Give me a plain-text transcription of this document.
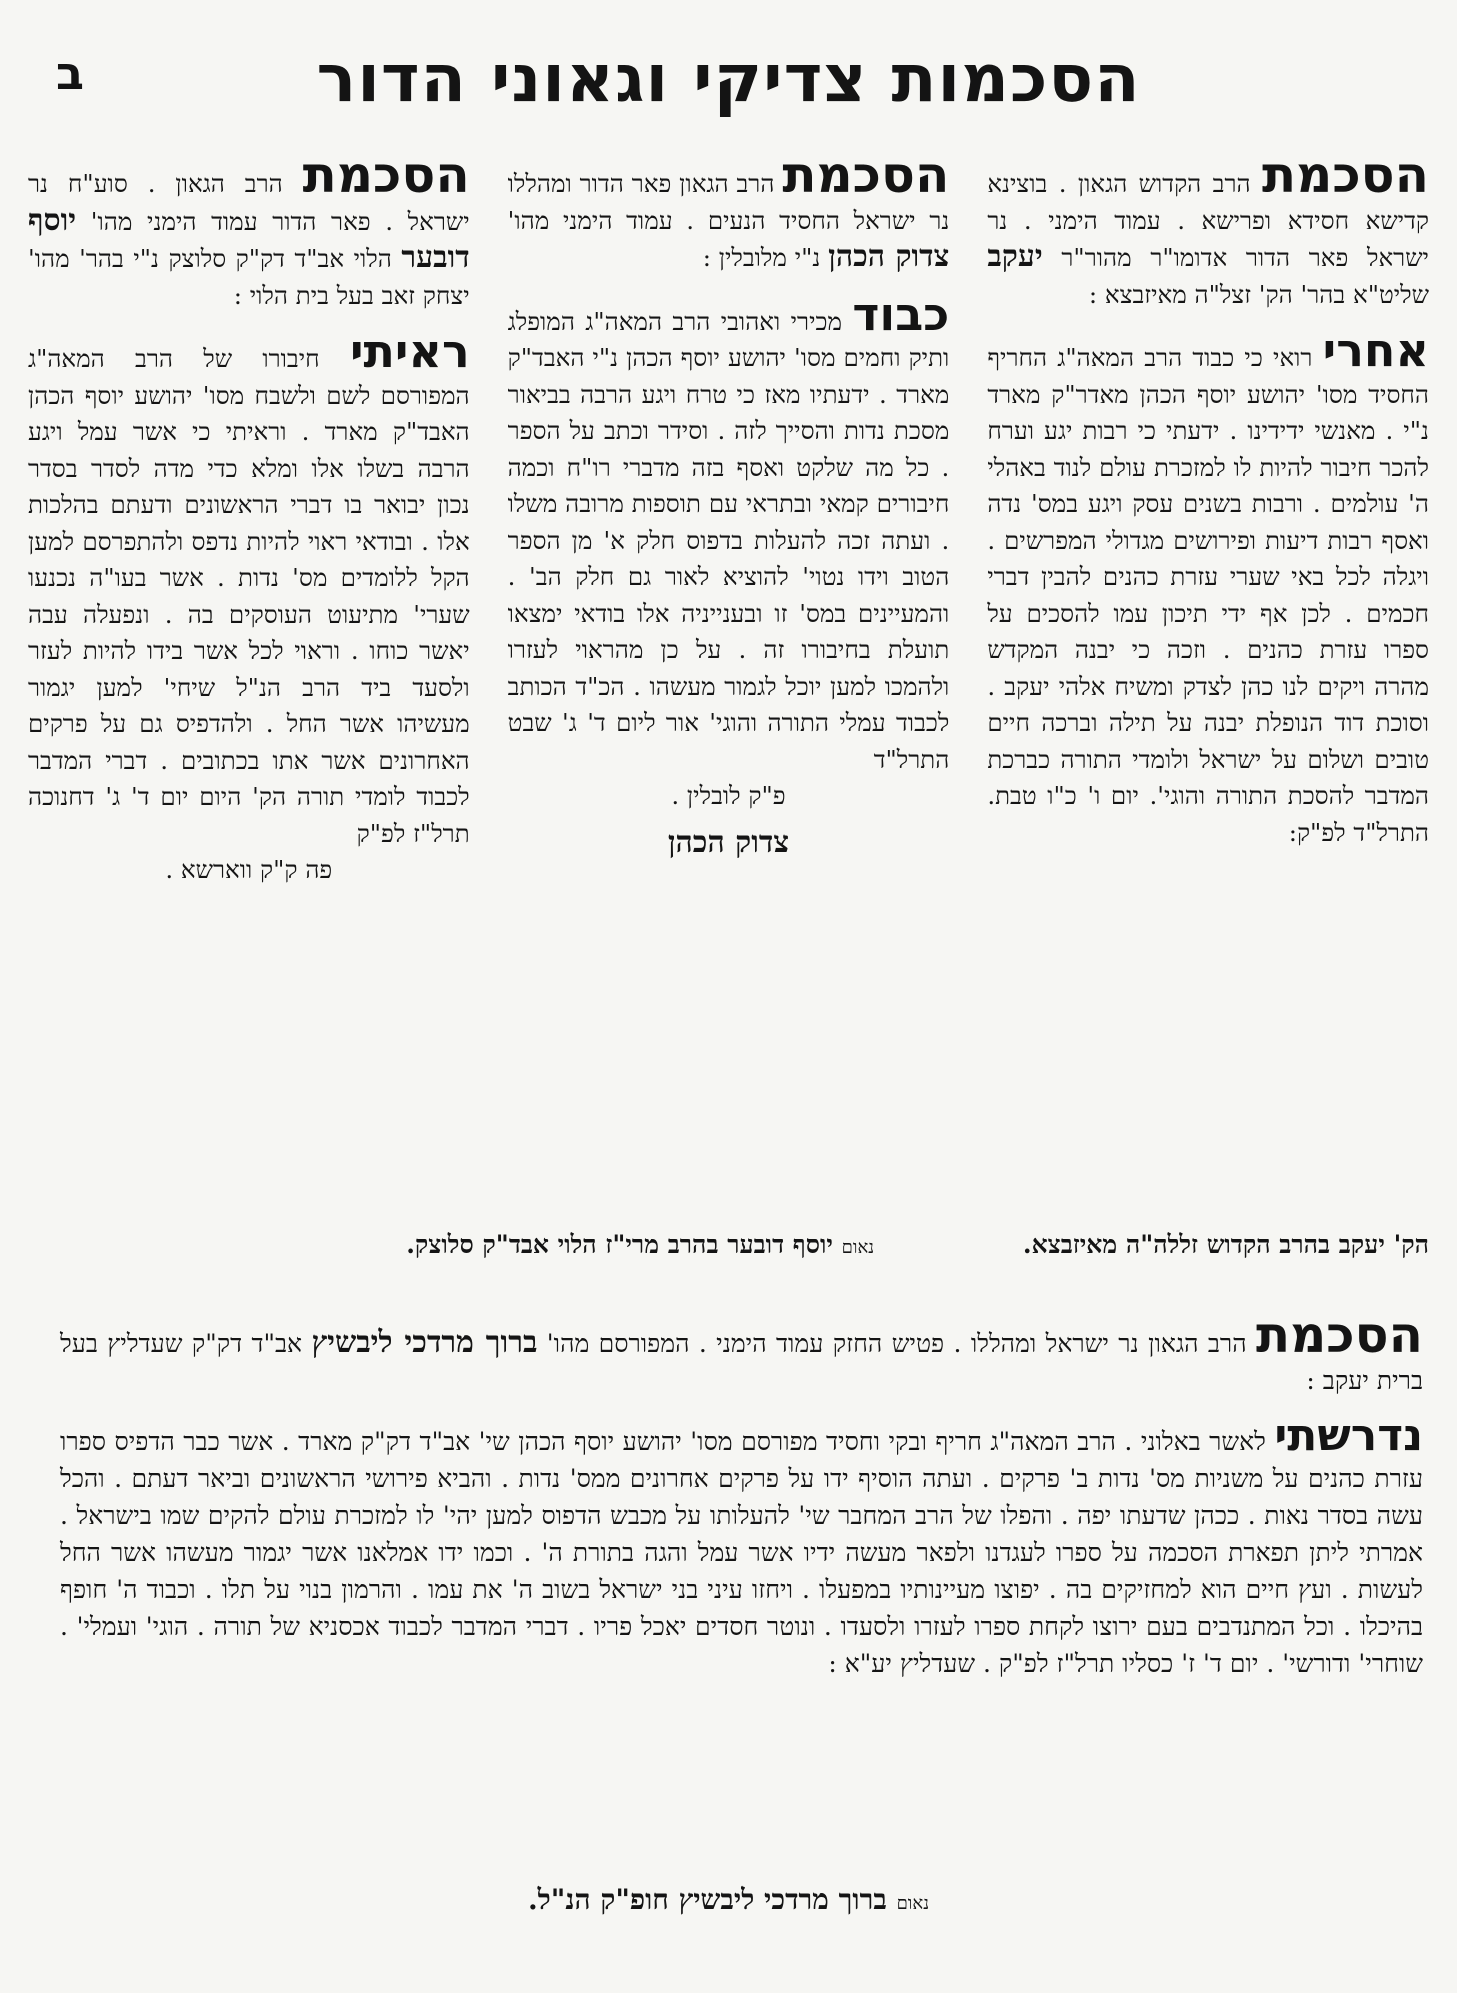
הסכמות צדיקי וגאוני הדור
ב
הסכמת הרב הקדוש הגאון . בוצינא קדישא חסידא ופרישא . עמוד הימני . נר ישראל פאר הדור אדומו"ר מהור"ר יעקב שליט"א בהר' הק' זצל"ה מאיזבצא :
אחרי רואי כי כבוד הרב המאה"ג החריף החסיד מסו' יהושע יוסף הכהן מאדר"ק מארד נ"י . מאנשי ידידינו . ידעתי כי רבות יגע וערח להכר חיבור להיות לו למזכרת עולם לנוד באהלי ה' עולמים . ורבות בשנים עסק ויגע במס' נדה ואסף רבות דיעות ופירושים מגדולי המפרשים . ויגלה לכל באי שערי עזרת כהנים להבין דברי חכמים . לכן אף ידי תיכון עמו להסכים על ספרו עזרת כהנים . וזכה כי יבנה המקדש מהרה ויקים לנו כהן לצדק ומשיח אלהי יעקב . וסוכת דוד הנופלת יבנה על תילה וברכה חיים טובים ושלום על ישראל ולומדי התורה כברכת המדבר להסכת התורה והוגי'. יום ו' כ"ו טבת. התרל"ד לפ"ק:
הסכמת הרב הגאון פאר הדור ומהללו נר ישראל החסיד הנעים . עמוד הימני מהו' צדוק הכהן נ"י מלובלין :
כבוד מכירי ואהובי הרב המאה"ג המופלג ותיק וחמים מסו' יהושע יוסף הכהן נ"י האבד"ק מארד . ידעתיו מאז כי טרח ויגע הרבה בביאור מסכת נדות והסייך לזה . וסידר וכתב על הספר . כל מה שלקט ואסף בזה מדברי רו"ח וכמה חיבורים קמאי ובתראי עם תוספות מרובה משלו . ועתה זכה להעלות בדפוס חלק א' מן הספר הטוב וידו נטוי' להוציא לאור גם חלק הב' . והמעיינים במס' זו ובענייניה אלו בודאי ימצאו תועלת בחיבורו זה . על כן מהראוי לעזרו ולהמכו למען יוכל לגמור מעשהו . הכ"ד הכותב לכבוד עמלי התורה והוגי' אור ליום ד' ג' שבט התרל"ד
פ"ק לובלין .
צדוק הכהן
הסכמת הרב הגאון . סוע"ח נר ישראל . פאר הדור עמוד הימני מהו' יוסף דובער הלוי אב"ד דק"ק סלוצק נ"י בהר' מהו' יצחק זאב בעל בית הלוי :
ראיתי חיבורו של הרב המאה"ג המפורסם לשם ולשבח מסו' יהושע יוסף הכהן האבד"ק מארד . וראיתי כי אשר עמל ויגע הרבה בשלו אלו ומלא כדי מדה לסדר בסדר נכון יבואר בו דברי הראשונים ודעתם בהלכות אלו . ובודאי ראוי להיות נדפס ולהתפרסם למען הקל ללומדים מס' נדות . אשר בעו"ה נכנעו שערי' מתיעוט העוסקים בה . ונפעלה עבה יאשר כוחו . וראוי לכל אשר בידו להיות לעזר ולסעד ביד הרב הנ"ל שיחי' למען יגמור מעשיהו אשר החל . ולהדפיס גם על פרקים האחרונים אשר אתו בכתובים . דברי המדבר לכבוד לומדי תורה הק' היום יום ד' ג' דחנוכה תרל"ז לפ"ק
פה ק"ק ווארשא .
הק' יעקב בהרב הקדוש זללה"ה מאיזבצא. נאום יוסף דובער בהרב מרי"ז הלוי אבד"ק סלוצק.
הסכמת הרב הגאון נר ישראל ומהללו . פטיש החזק עמוד הימני . המפורסם מהו' ברוך מרדכי ליבשיץ אב"ד דק"ק שעדליץ בעל ברית יעקב :
נדרשתי לאשר באלוני . הרב המאה"ג חריף ובקי וחסיד מפורסם מסו' יהושע יוסף הכהן שי' אב"ד דק"ק מארד . אשר כבר הדפיס ספרו עזרת כהנים על משניות מס' נדות ב' פרקים . ועתה הוסיף ידו על פרקים אחרונים ממס' נדות . והביא פירושי הראשונים וביאר דעתם . והכל עשה בסדר נאות . ככהן שדעתו יפה . והפלו של הרב המחבר שי' להעלותו על מכבש הדפוס למען יהי' לו למזכרת עולם להקים שמו בישראל . אמרתי ליתן תפארת הסכמה על ספרו לעגדנו ולפאר מעשה ידיו אשר עמל והגה בתורת ה' . וכמו ידו אמלאנו אשר יגמור מעשהו אשר החל לעשות . ועץ חיים הוא למחזיקים בה . יפוצו מעיינותיו במפעלו . ויחזו עיני בני ישראל בשוב ה' את עמו . והרמון בנוי על תלו . וכבוד ה' חופף בהיכלו . וכל המתנדבים בעם ירוצו לקחת ספרו לעזרו ולסעדו . ונוטר חסדים יאכל פריו . דברי המדבר לכבוד אכסניא של תורה . הוגי' ועמלי' . שוחרי' ודורשי' . יום ד' ז' כסליו תרל"ז לפ"ק . שעדליץ יע"א :
נאום ברוך מרדכי ליבשיץ חופ"ק הנ"ל.
